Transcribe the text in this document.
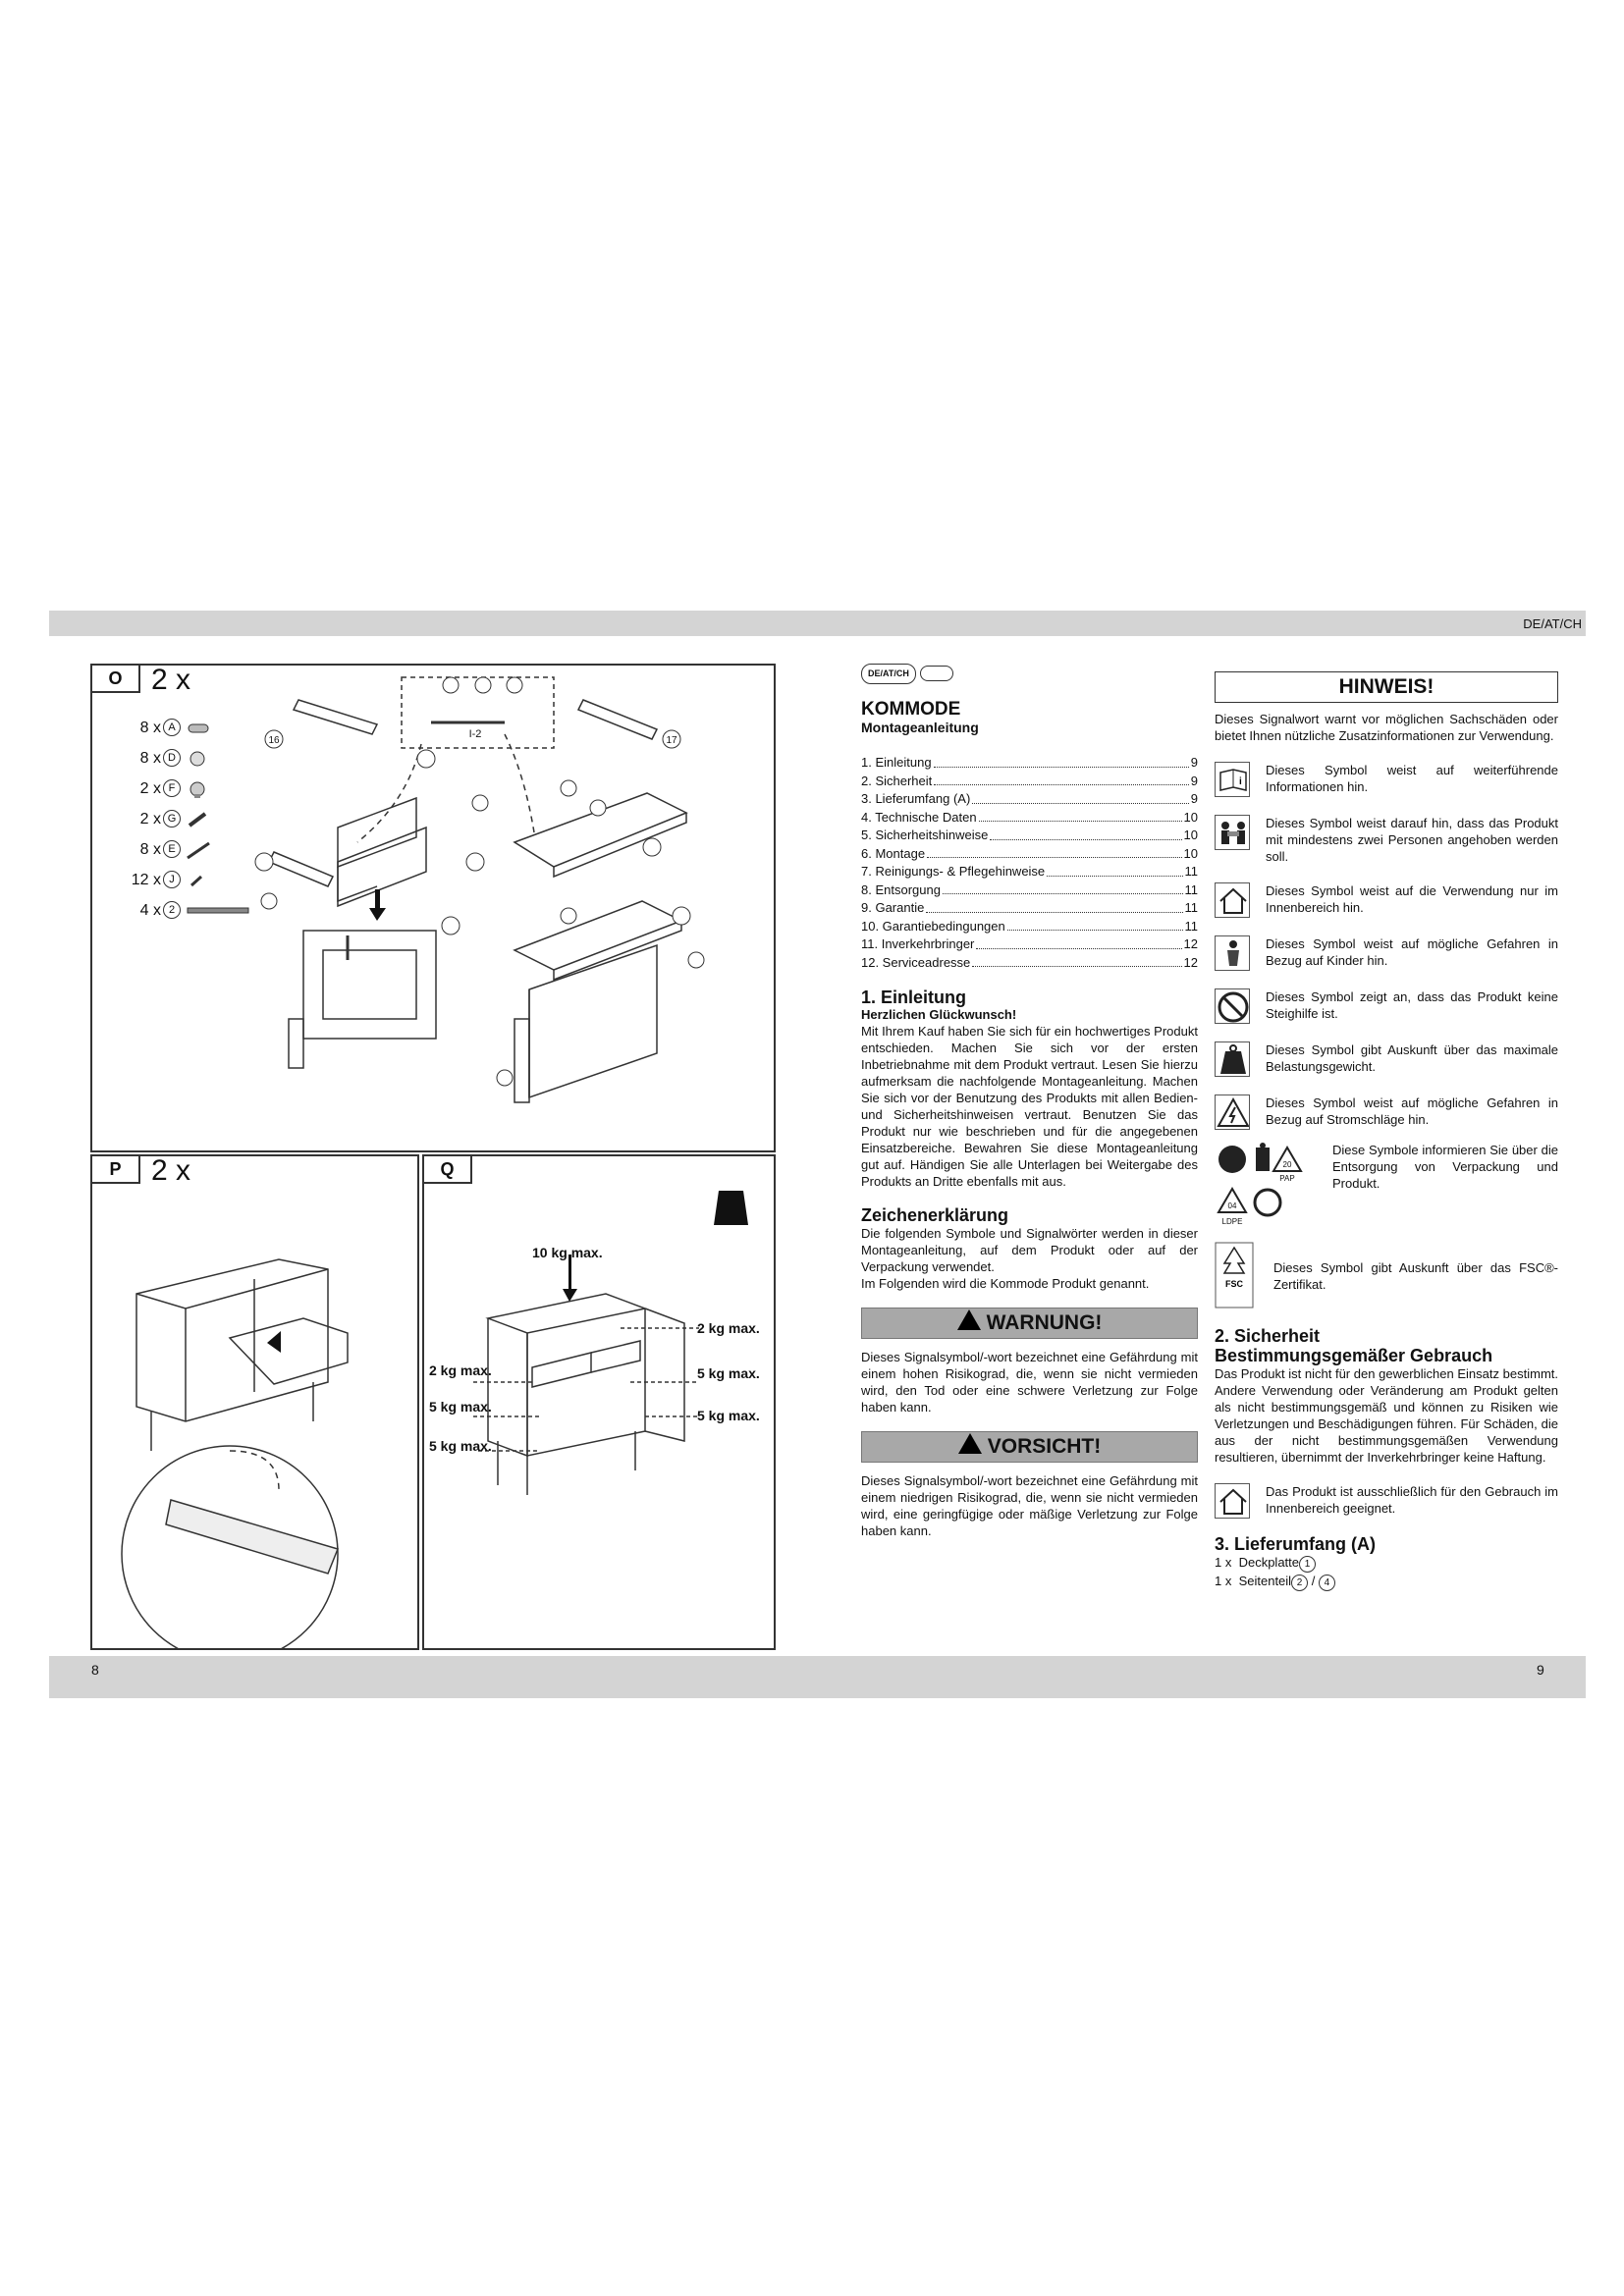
DE/AT/CH
8	9
16	17
I-2
O 2 x
8 x A
8 x D
2 x F
2 x G
8 x E
12 x J
4 x 2
P	2 x	Q
10 kg max.
2 kg max.
2 kg max.	5 kg max.
5 kg max.
5 kg max.
5 kg max.
DE/AT/CH
KOMMODE
Montageanleitung
1. Einleitung	9
2. Sicherheit	9
3. Lieferumfang (A)	9
4. Technische Daten	10
5. Sicherheitshinweise	10
6. Montage	10
7. Reinigungs- & Pflegehinweise	11
8. Entsorgung	11
9. Garantie	11
10. Garantiebedingungen	11
11. Inverkehrbringer	12
12. Serviceadresse	12
1. Einleitung
Herzlichen Glückwunsch!

Mit Ihrem Kauf haben Sie sich für ein hochwertiges Produkt entschieden. Machen Sie sich vor der ersten Inbetriebnahme mit dem Produkt vertraut. Lesen Sie hierzu aufmerksam die nachfolgende Montageanleitung. Machen Sie sich vor der Benutzung des Produkts mit allen Bedien- und Sicherheitshinweisen vertraut. Benutzen Sie das Produkt nur wie beschrieben und für die angegebenen Einsatzbereiche. Bewahren Sie diese Montageanleitung gut auf. Händigen Sie alle Unterlagen bei Weitergabe des Produkts an Dritte ebenfalls mit aus.

Zeichenerklärung

Die folgenden Symbole und Signalwörter werden in dieser Montageanleitung, auf dem Produkt oder auf der Verpackung verwendet.

Im Folgenden wird die Kommode Produkt genannt.

WARNUNG!

Dieses Signalsymbol/-wort bezeichnet eine Gefährdung mit einem hohen Risikograd, die, wenn sie nicht vermieden wird, den Tod oder eine schwere Verletzung zur Folge haben kann.

VORSICHT!

Dieses Signalsymbol/-wort bezeichnet eine Gefährdung mit einem niedrigen Risikograd, die, wenn sie nicht vermieden wird, eine geringfügige oder mäßige Verletzung zur Folge haben kann.

HINWEIS!

Dieses Signalwort warnt vor möglichen Sachschäden oder bietet Ihnen nützliche Zusatzinformationen zur Verwendung.

i
Dieses Symbol weist auf weiterführende Informationen hin.
Dieses Symbol weist darauf hin, dass das Produkt mit mindestens zwei Personen angehoben werden soll.
Dieses Symbol weist auf die Verwendung nur im Innenbereich hin.
Dieses Symbol weist auf mögliche Gefahren in Bezug auf Kinder hin.
Dieses Symbol zeigt an, dass das Produkt keine Steighilfe ist.
Dieses Symbol gibt Auskunft über das maximale Belastungsgewicht.
Dieses Symbol weist auf mögliche Gefahren in Bezug auf Stromschläge hin.
20
PAP
04
LDPE
Diese Symbole informieren Sie über die Entsorgung von Verpackung und Produkt.
FSC
Dieses Symbol gibt Auskunft über das FSC®-Zertifikat.
2. Sicherheit
Bestimmungsgemäßer Gebrauch

Das Produkt ist nicht für den gewerblichen Einsatz bestimmt. Andere Verwendung oder Veränderung am Produkt gelten als nicht bestimmungsgemäß und können zu Risiken wie Verletzungen und Beschädigungen führen. Für Schäden, die aus der nicht bestimmungsgemäßen Verwendung resultieren, übernimmt der Inverkehrbringer keine Haftung.

Das Produkt ist ausschließlich für den Gebrauch im Innenbereich geeignet.
3. Lieferumfang (A)
1 x Deckplatte 1
1 x Seitenteil 2 / 4
